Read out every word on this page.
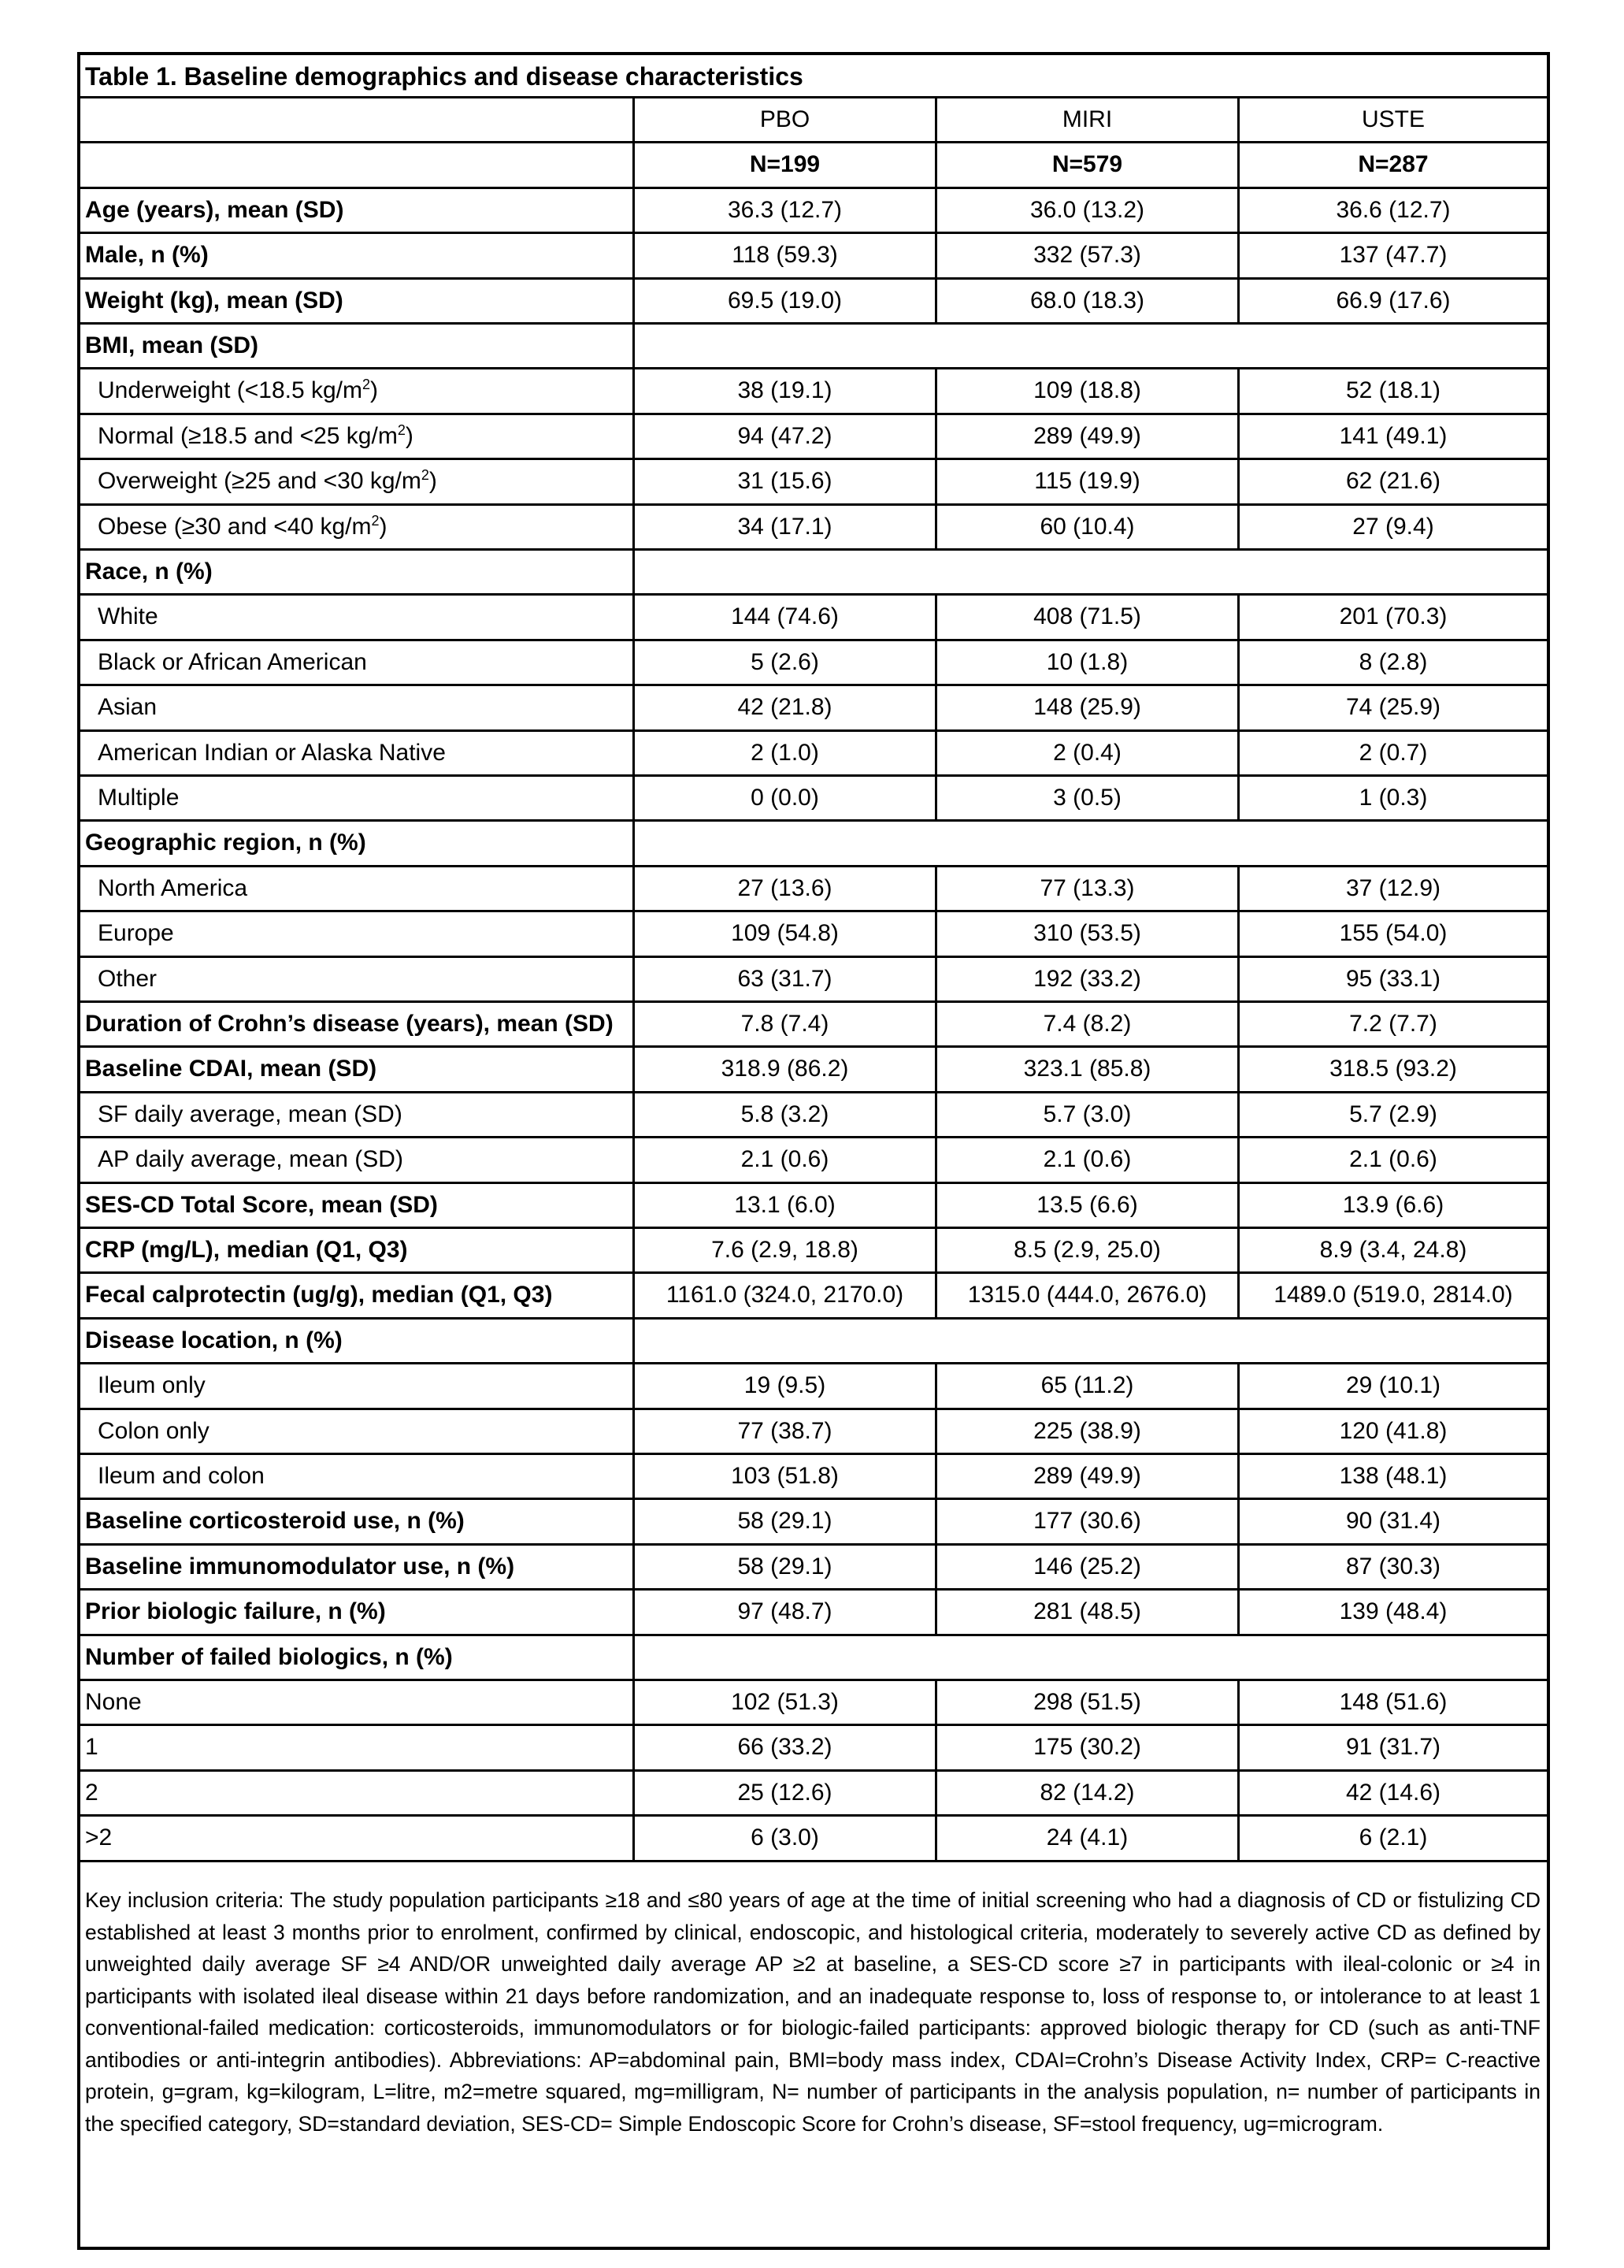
Table 1. Baseline demographics and disease characteristics
PBO	MIRI	USTE
N=199	N=579	N=287
Age (years), mean (SD)	36.3 (12.7)	36.0 (13.2)	36.6 (12.7)
Male, n (%)	118 (59.3)	332 (57.3)	137 (47.7)
Weight (kg), mean (SD)	69.5 (19.0)	68.0 (18.3)	66.9 (17.6)
BMI, mean (SD)
Underweight (<18.5 $kg/m^2$)	38 (19.1)	109 (18.8)	52 (18.1)
Normal (≥18.5 and <25 $kg/m^2$)	94 (47.2)	289 (49.9)	141 (49.1)
Overweight (≥25 and <30 $kg/m^2$)	31 (15.6)	115 (19.9)	62 (21.6)
Obese (≥30 and <40 $kg/m^2$)	34 (17.1)	60 (10.4)	27 (9.4)
Race, n (%)
White	144 (74.6)	408 (71.5)	201 (70.3)
Black or African American	5 (2.6)	10 (1.8)	8 (2.8)
Asian	42 (21.8)	148 (25.9)	74 (25.9)
American Indian or Alaska Native	2 (1.0)	2 (0.4)	2 (0.7)
Multiple	0 (0.0)	3 (0.5)	1 (0.3)
Geographic region, n (%)
North America	27 (13.6)	77 (13.3)	37 (12.9)
Europe	109 (54.8)	310 (53.5)	155 (54.0)
Other	63 (31.7)	192 (33.2)	95 (33.1)
Duration of Crohn’s disease (years), mean (SD)	7.8 (7.4)	7.4 (8.2)	7.2 (7.7)
Baseline CDAI, mean (SD)	318.9 (86.2)	323.1 (85.8)	318.5 (93.2)
SF daily average, mean (SD)	5.8 (3.2)	5.7 (3.0)	5.7 (2.9)
AP daily average, mean (SD)	2.1 (0.6)	2.1 (0.6)	2.1 (0.6)
SES-CD Total Score, mean (SD)	13.1 (6.0)	13.5 (6.6)	13.9 (6.6)
CRP (mg/L), median (Q1, Q3)	7.6 (2.9, 18.8)	8.5 (2.9, 25.0)	8.9 (3.4, 24.8)
Fecal calprotectin (ug/g), median (Q1, Q3)	1161.0 (324.0, 2170.0)	1315.0 (444.0, 2676.0)	1489.0 (519.0, 2814.0)
Disease location, n (%)
Ileum only	19 (9.5)	65 (11.2)	29 (10.1)
Colon only	77 (38.7)	225 (38.9)	120 (41.8)
Ileum and colon	103 (51.8)	289 (49.9)	138 (48.1)
Baseline corticosteroid use, n (%)	58 (29.1)	177 (30.6)	90 (31.4)
Baseline immunomodulator use, n (%)	58 (29.1)	146 (25.2)	87 (30.3)
Prior biologic failure, n (%)	97 (48.7)	281 (48.5)	139 (48.4)
Number of failed biologics, n (%)
None	102 (51.3)	298 (51.5)	148 (51.6)
1	66 (33.2)	175 (30.2)	91 (31.7)
2	25 (12.6)	82 (14.2)	42 (14.6)
>2	6 (3.0)	24 (4.1)	6 (2.1)
Key inclusion criteria: The study population participants ≥18 and ≤80 years of age at the time of initial screening who had a diagnosis of CD or fistulizing CD established at least 3 months prior to enrolment, confirmed by clinical, endoscopic, and histological criteria, moderately to severely active CD as defined by unweighted daily average SF ≥4 AND/OR unweighted daily average AP ≥2 at baseline, a SES-CD score ≥7 in participants with ileal-colonic or ≥4 in participants with isolated ileal disease within 21 days before randomization, and an inadequate response to, loss of response to, or intolerance to at least 1 conventional-failed medication: corticosteroids, immunomodulators or for biologic-failed participants: approved biologic therapy for CD (such as anti-TNF antibodies or anti-integrin antibodies). Abbreviations: AP=abdominal pain, BMI=body mass index, CDAI=Crohn’s Disease Activity Index, CRP= C-reactive protein, g=gram, kg=kilogram, L=litre, m2=metre squared, mg=milligram, N= number of participants in the analysis population, n= number of participants in the specified category, SD=standard deviation, SES-CD= Simple Endoscopic Score for Crohn’s disease, SF=stool frequency, ug=microgram.
